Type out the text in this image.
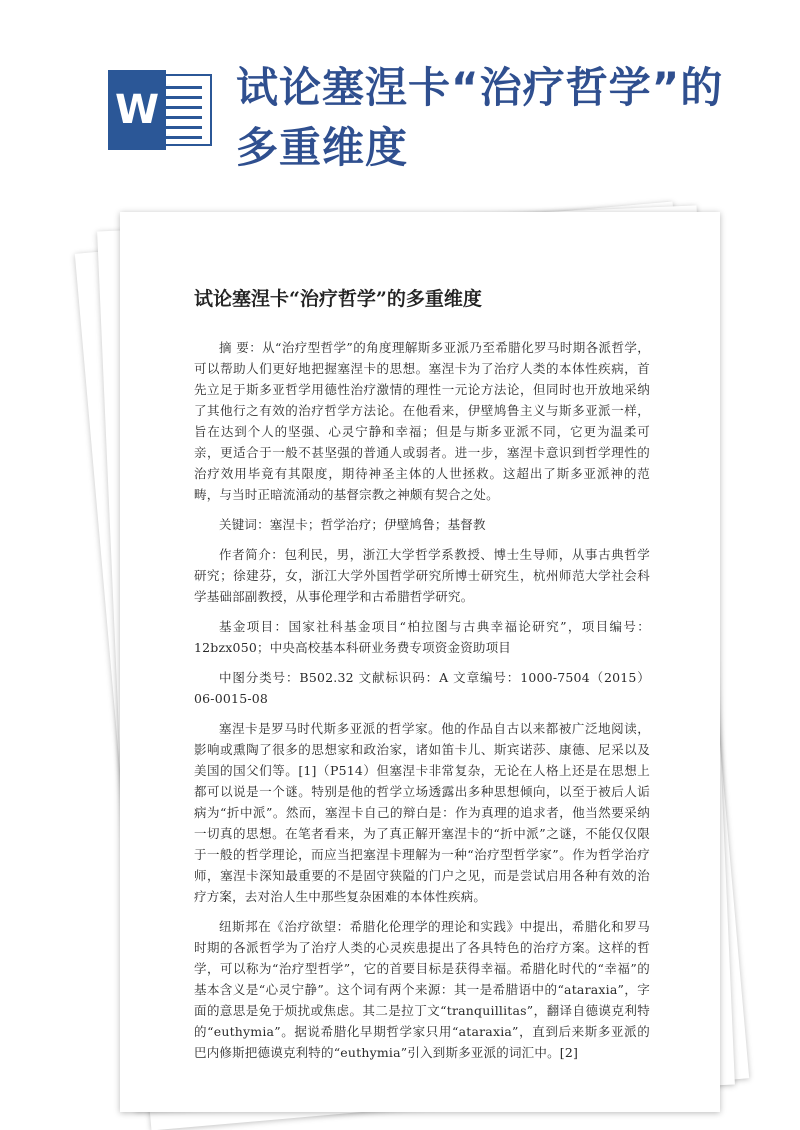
W 试论塞涅卡“治疗哲学”的多重维度
试论塞涅卡“治疗哲学”的多重维度

摘 要：从“治疗型哲学”的角度理解斯多亚派乃至希腊化罗马时期各派哲学，可以帮助人们更好地把握塞涅卡的思想。塞涅卡为了治疗人类的本体性疾病，首先立足于斯多亚哲学用德性治疗激情的理性一元论方法论，但同时也开放地采纳了其他行之有效的治疗哲学方法论。在他看来，伊壁鸠鲁主义与斯多亚派一样，旨在达到个人的坚强、心灵宁静和幸福；但是与斯多亚派不同，它更为温柔可亲，更适合于一般不甚坚强的普通人或弱者。进一步，塞涅卡意识到哲学理性的治疗效用毕竟有其限度，期待神圣主体的人世拯救。这超出了斯多亚派神的范畴，与当时正暗流涌动的基督宗教之神颇有契合之处。

关键词：塞涅卡；哲学治疗；伊壁鸠鲁；基督教

作者简介：包利民，男，浙江大学哲学系教授、博士生导师，从事古典哲学研究；徐建芬，女，浙江大学外国哲学研究所博士研究生，杭州师范大学社会科学基础部副教授，从事伦理学和古希腊哲学研究。

基金项目：国家社科基金项目“柏拉图与古典幸福论研究”，项目编号：12bzx050；中央高校基本科研业务费专项资金资助项目

中图分类号：B502.32 文献标识码：A 文章编号：1000-7504（2015）06-0015-08

塞涅卡是罗马时代斯多亚派的哲学家。他的作品自古以来都被广泛地阅读，影响或熏陶了很多的思想家和政治家，诸如笛卡儿、斯宾诺莎、康德、尼采以及美国的国父们等。[1]（P514）但塞涅卡非常复杂，无论在人格上还是在思想上都可以说是一个谜。特别是他的哲学立场透露出多种思想倾向，以至于被后人诟病为“折中派”。然而，塞涅卡自己的辩白是：作为真理的追求者，他当然要采纳一切真的思想。在笔者看来，为了真正解开塞涅卡的“折中派”之谜，不能仅仅限于一般的哲学理论，而应当把塞涅卡理解为一种“治疗型哲学家”。作为哲学治疗师，塞涅卡深知最重要的不是固守狭隘的门户之见，而是尝试启用各种有效的治疗方案，去对治人生中那些复杂困难的本体性疾病。

纽斯邦在《治疗欲望：希腊化伦理学的理论和实践》中提出，希腊化和罗马时期的各派哲学为了治疗人类的心灵疾患提出了各具特色的治疗方案。这样的哲学，可以称为“治疗型哲学”，它的首要目标是获得幸福。希腊化时代的“幸福”的基本含义是“心灵宁静”。这个词有两个来源：其一是希腊语中的“ataraxia”，字面的意思是免于烦扰或焦虑。其二是拉丁文“tranquillitas”，翻译自德谟克利特的“euthymia”。据说希腊化早期哲学家只用“ataraxia”，直到后来斯多亚派的巴内修斯把德谟克利特的“euthymia”引入到斯多亚派的词汇中。[2]
